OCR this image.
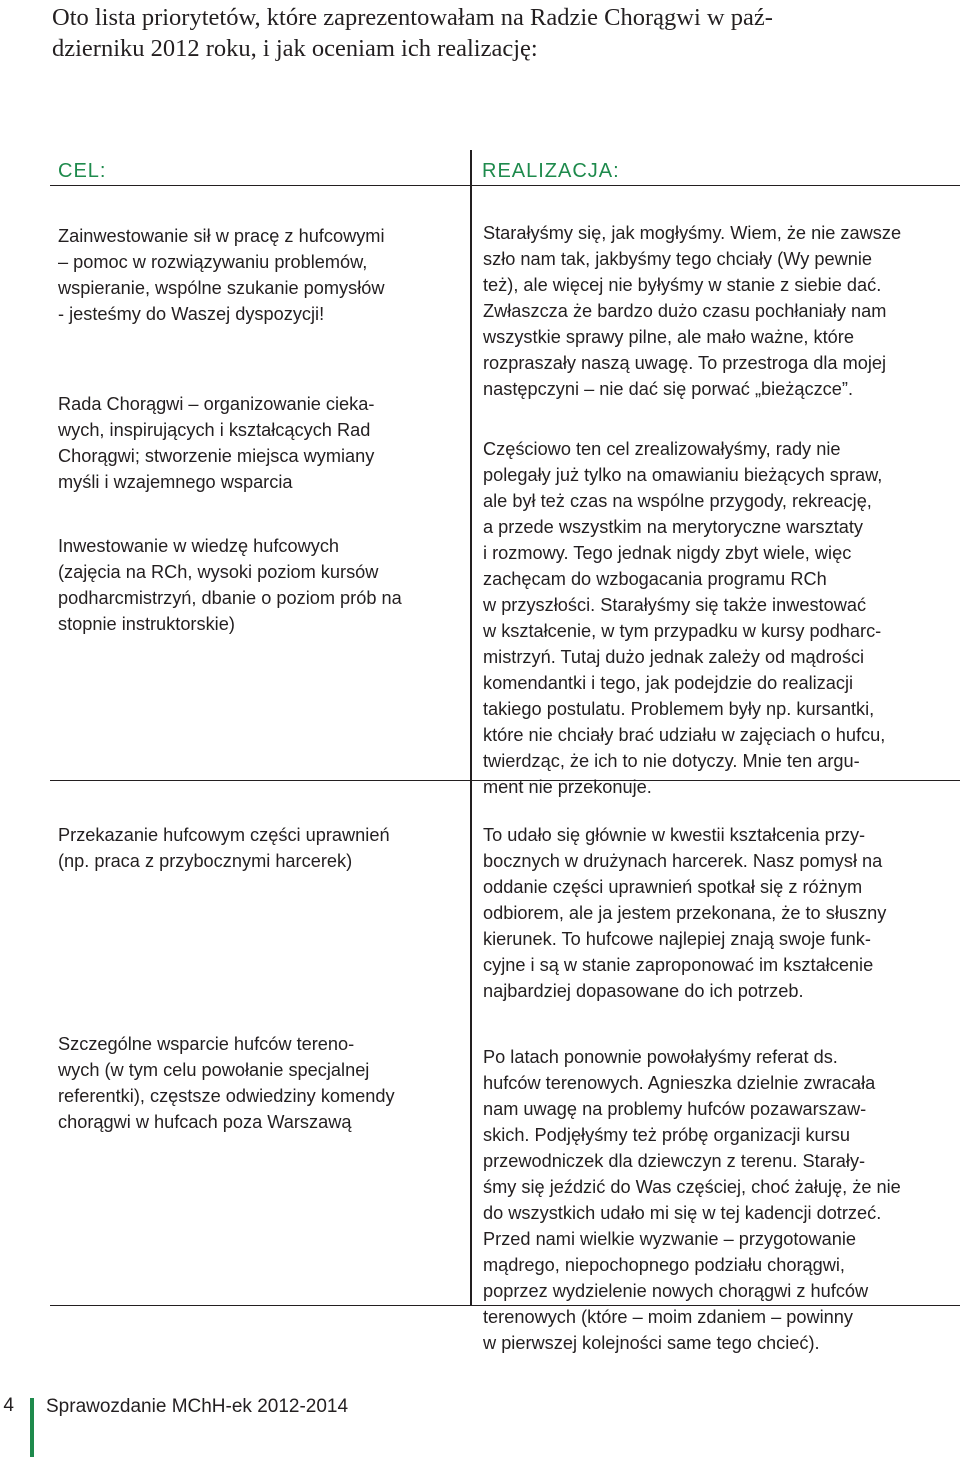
Oto lista priorytetów, które zaprezentowałam na Radzie Chorągwi w paź-
dzierniku 2012 roku, i jak oceniam ich realizację:
CEL:	REALIZACJA:

Zainwestowanie sił w pracę z hufcowymi
– pomoc w rozwiązywaniu problemów,
wspieranie, wspólne szukanie pomysłów
- jesteśmy do Waszej dyspozycji!

Rada Chorągwi – organizowanie cieka-
wych, inspirujących i kształcących Rad
Chorągwi; stworzenie miejsca wymiany
myśli i wzajemnego wsparcia

Inwestowanie w wiedzę hufcowych
(zajęcia na RCh, wysoki poziom kursów
podharcmistrzyń, dbanie o poziom prób na
stopnie instruktorskie)

Starałyśmy się, jak mogłyśmy. Wiem, że nie zawsze
szło nam tak, jakbyśmy tego chciały (Wy pewnie
też), ale więcej nie byłyśmy w stanie z siebie dać.
Zwłaszcza że bardzo dużo czasu pochłaniały nam
wszystkie sprawy pilne, ale mało ważne, które
rozpraszały naszą uwagę. To przestroga dla mojej
następczyni – nie dać się porwać „bieżączce”.

Częściowo ten cel zrealizowałyśmy, rady nie
polegały już tylko na omawianiu bieżących spraw,
ale był też czas na wspólne przygody, rekreację,
a przede wszystkim na merytoryczne warsztaty
i rozmowy. Tego jednak nigdy zbyt wiele, więc
zachęcam do wzbogacania programu RCh
w przyszłości. Starałyśmy się także inwestować
w kształcenie, w tym przypadku w kursy podharc-
mistrzyń. Tutaj dużo jednak zależy od mądrości
komendantki i tego, jak podejdzie do realizacji
takiego postulatu. Problemem były np. kursantki,
które nie chciały brać udziału w zajęciach o hufcu,
twierdząc, że ich to nie dotyczy. Mnie ten argu-
ment nie przekonuje.

Przekazanie hufcowym części uprawnień
(np. praca z przybocznymi harcerek)

Szczególne wsparcie hufców tereno-
wych (w tym celu powołanie specjalnej
referentki), częstsze odwiedziny komendy
chorągwi w hufcach poza Warszawą

To udało się głównie w kwestii kształcenia przy-
bocznych w drużynach harcerek. Nasz pomysł na
oddanie części uprawnień spotkał się z różnym
odbiorem, ale ja jestem przekonana, że to słuszny
kierunek. To hufcowe najlepiej znają swoje funk-
cyjne i są w stanie zaproponować im kształcenie
najbardziej dopasowane do ich potrzeb.

Po latach ponownie powołałyśmy referat ds.
hufców terenowych. Agnieszka dzielnie zwracała
nam uwagę na problemy hufców pozawarszaw-
skich. Podjęłyśmy też próbę organizacji kursu
przewodniczek dla dziewczyn z terenu. Starały-
śmy się jeździć do Was częściej, choć żałuję, że nie
do wszystkich udało mi się w tej kadencji dotrzeć.
Przed nami wielkie wyzwanie – przygotowanie
mądrego, niepochopnego podziału chorągwi,
poprzez wydzielenie nowych chorągwi z hufców
terenowych (które – moim zdaniem – powinny
w pierwszej kolejności same tego chcieć).

4 Sprawozdanie MChH-ek 2012-2014
